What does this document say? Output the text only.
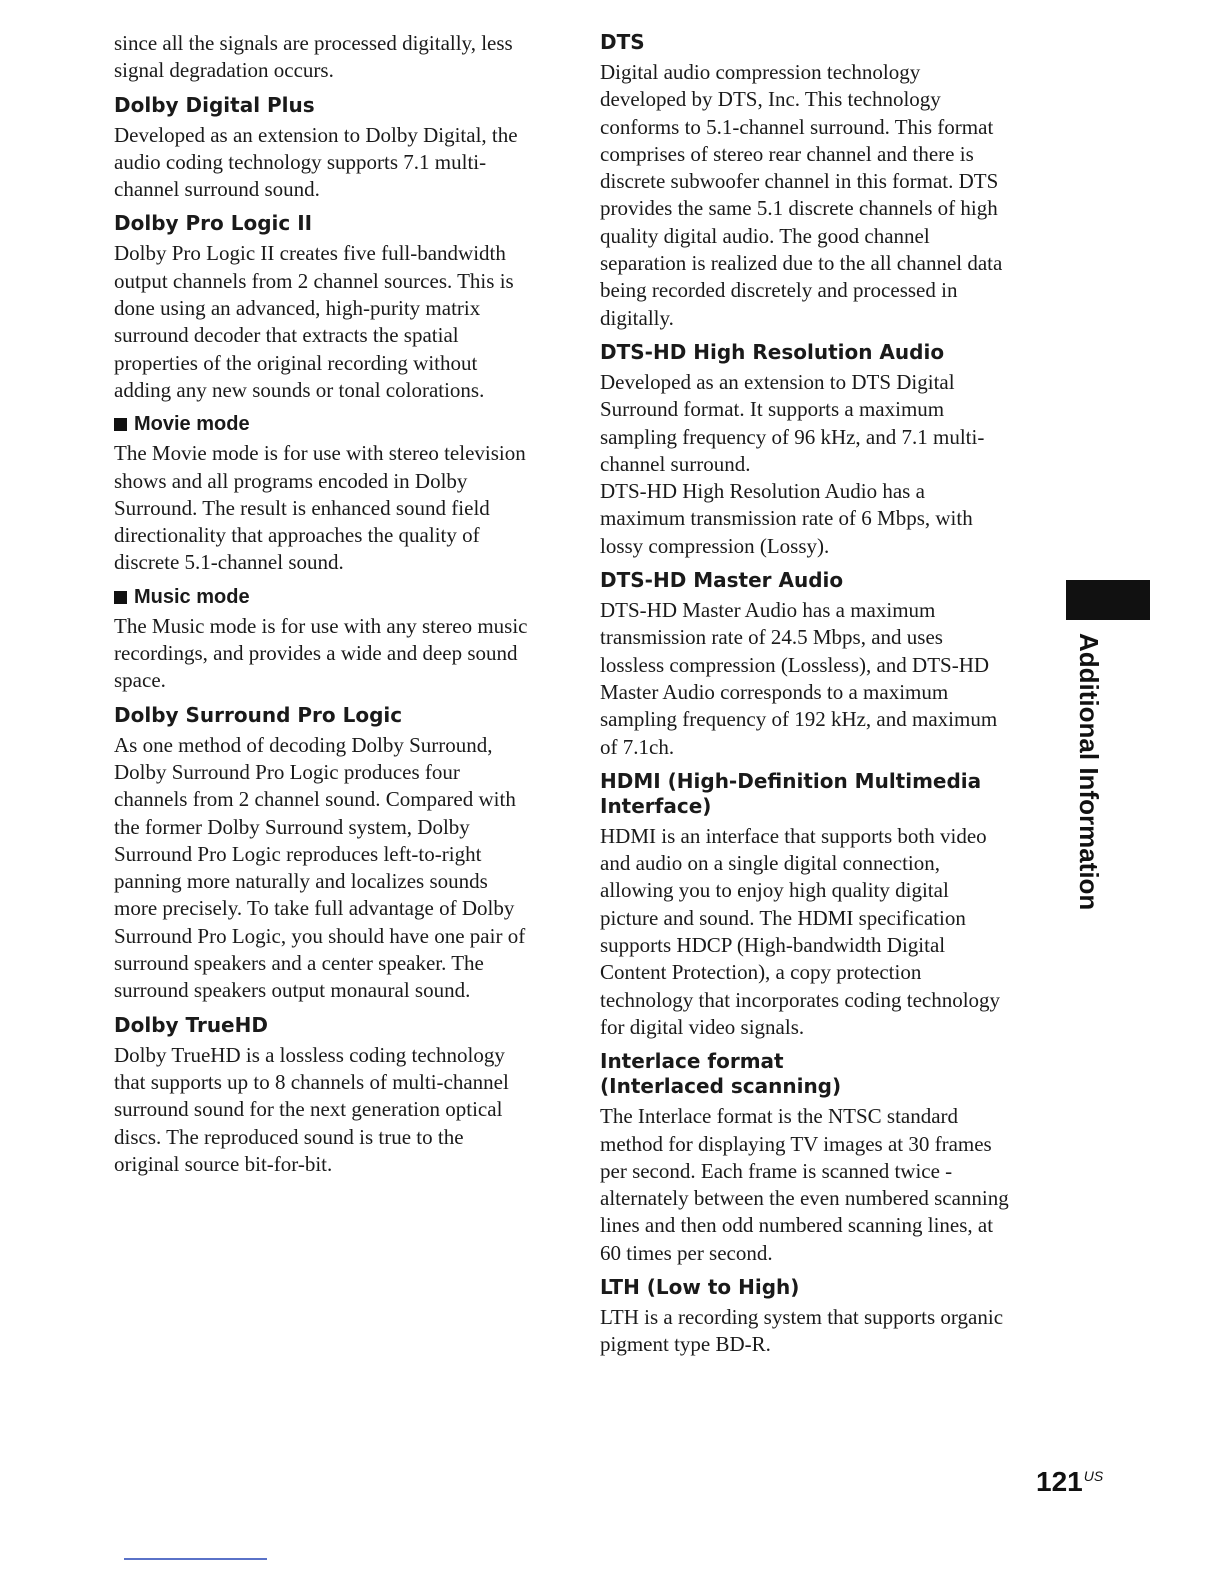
since all the signals are processed digitally, less
signal degradation occurs.

Dolby Digital Plus

Developed as an extension to Dolby Digital, the
audio coding technology supports 7.1 multi-
channel surround sound.

Dolby Pro Logic II

Dolby Pro Logic II creates five full-bandwidth
output channels from 2 channel sources. This is
done using an advanced, high-purity matrix
surround decoder that extracts the spatial
properties of the original recording without
adding any new sounds or tonal colorations.

Movie mode

The Movie mode is for use with stereo television
shows and all programs encoded in Dolby
Surround. The result is enhanced sound field
directionality that approaches the quality of
discrete 5.1-channel sound.

Music mode

The Music mode is for use with any stereo music
recordings, and provides a wide and deep sound
space.

Dolby Surround Pro Logic

As one method of decoding Dolby Surround,
Dolby Surround Pro Logic produces four
channels from 2 channel sound. Compared with
the former Dolby Surround system, Dolby
Surround Pro Logic reproduces left-to-right
panning more naturally and localizes sounds
more precisely. To take full advantage of Dolby
Surround Pro Logic, you should have one pair of
surround speakers and a center speaker. The
surround speakers output monaural sound.

Dolby TrueHD

Dolby TrueHD is a lossless coding technology
that supports up to 8 channels of multi-channel
surround sound for the next generation optical
discs. The reproduced sound is true to the
original source bit-for-bit.

DTS

Digital audio compression technology
developed by DTS, Inc. This technology
conforms to 5.1-channel surround. This format
comprises of stereo rear channel and there is
discrete subwoofer channel in this format. DTS
provides the same 5.1 discrete channels of high
quality digital audio. The good channel
separation is realized due to the all channel data
being recorded discretely and processed in
digitally.

DTS-HD High Resolution Audio

Developed as an extension to DTS Digital
Surround format. It supports a maximum
sampling frequency of 96 kHz, and 7.1 multi-
channel surround.
DTS-HD High Resolution Audio has a
maximum transmission rate of 6 Mbps, with
lossy compression (Lossy).

DTS-HD Master Audio

DTS-HD Master Audio has a maximum
transmission rate of 24.5 Mbps, and uses
lossless compression (Lossless), and DTS-HD
Master Audio corresponds to a maximum
sampling frequency of 192 kHz, and maximum
of 7.1ch.

HDMI (High-Definition Multimedia
Interface)

HDMI is an interface that supports both video
and audio on a single digital connection,
allowing you to enjoy high quality digital
picture and sound. The HDMI specification
supports HDCP (High-bandwidth Digital
Content Protection), a copy protection
technology that incorporates coding technology
for digital video signals.

Interlace format
(Interlaced scanning)

The Interlace format is the NTSC standard
method for displaying TV images at 30 frames
per second. Each frame is scanned twice -
alternately between the even numbered scanning
lines and then odd numbered scanning lines, at
60 times per second.

LTH (Low to High)

LTH is a recording system that supports organic
pigment type BD-R.

Additional Information
$121^{US}$
